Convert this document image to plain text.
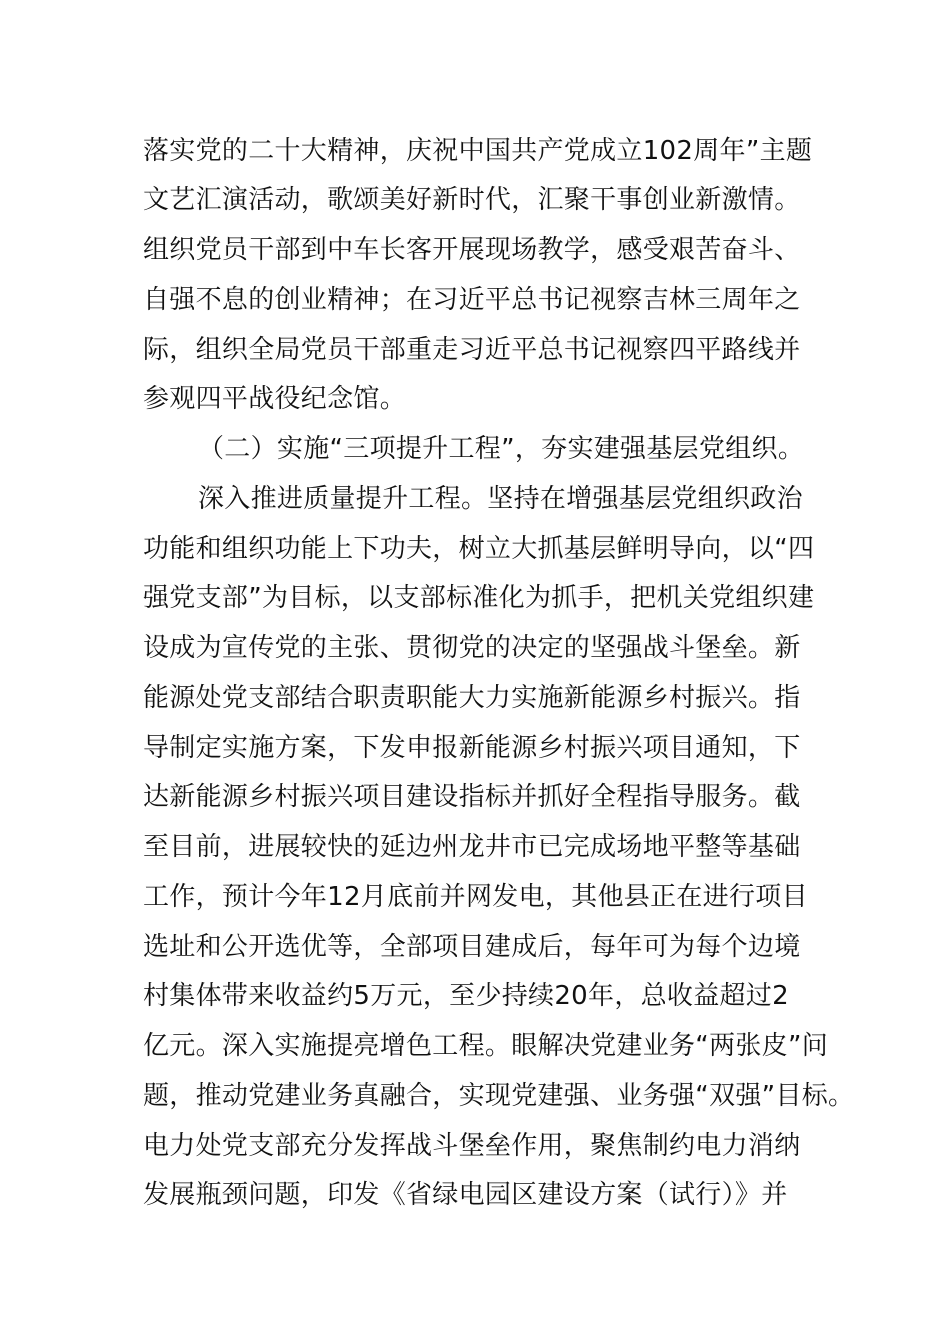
落实党的二十大精神，庆祝中国共产党成立102周年”主题
文艺汇演活动，歌颂美好新时代，汇聚干事创业新激情。
组织党员干部到中车长客开展现场教学，感受艰苦奋斗、
自强不息的创业精神；在习近平总书记视察吉林三周年之
际，组织全局党员干部重走习近平总书记视察四平路线并
参观四平战役纪念馆。
（二）实施“三项提升工程”，夯实建强基层党组织。
深入推进质量提升工程。坚持在增强基层党组织政治
功能和组织功能上下功夫，树立大抓基层鲜明导向，以“四
强党支部”为目标，以支部标准化为抓手，把机关党组织建
设成为宣传党的主张、贯彻党的决定的坚强战斗堡垒。新
能源处党支部结合职责职能大力实施新能源乡村振兴。指
导制定实施方案，下发申报新能源乡村振兴项目通知，下
达新能源乡村振兴项目建设指标并抓好全程指导服务。截
至目前，进展较快的延边州龙井市已完成场地平整等基础
工作，预计今年12月底前并网发电，其他县正在进行项目
选址和公开选优等，全部项目建成后，每年可为每个边境
村集体带来收益约5万元，至少持续20年，总收益超过2
亿元。深入实施提亮增色工程。眼解决党建业务“两张皮”问
题，推动党建业务真融合，实现党建强、业务强“双强”目标。
电力处党支部充分发挥战斗堡垒作用，聚焦制约电力消纳
发展瓶颈问题，印发《省绿电园区建设方案（试行）》并
